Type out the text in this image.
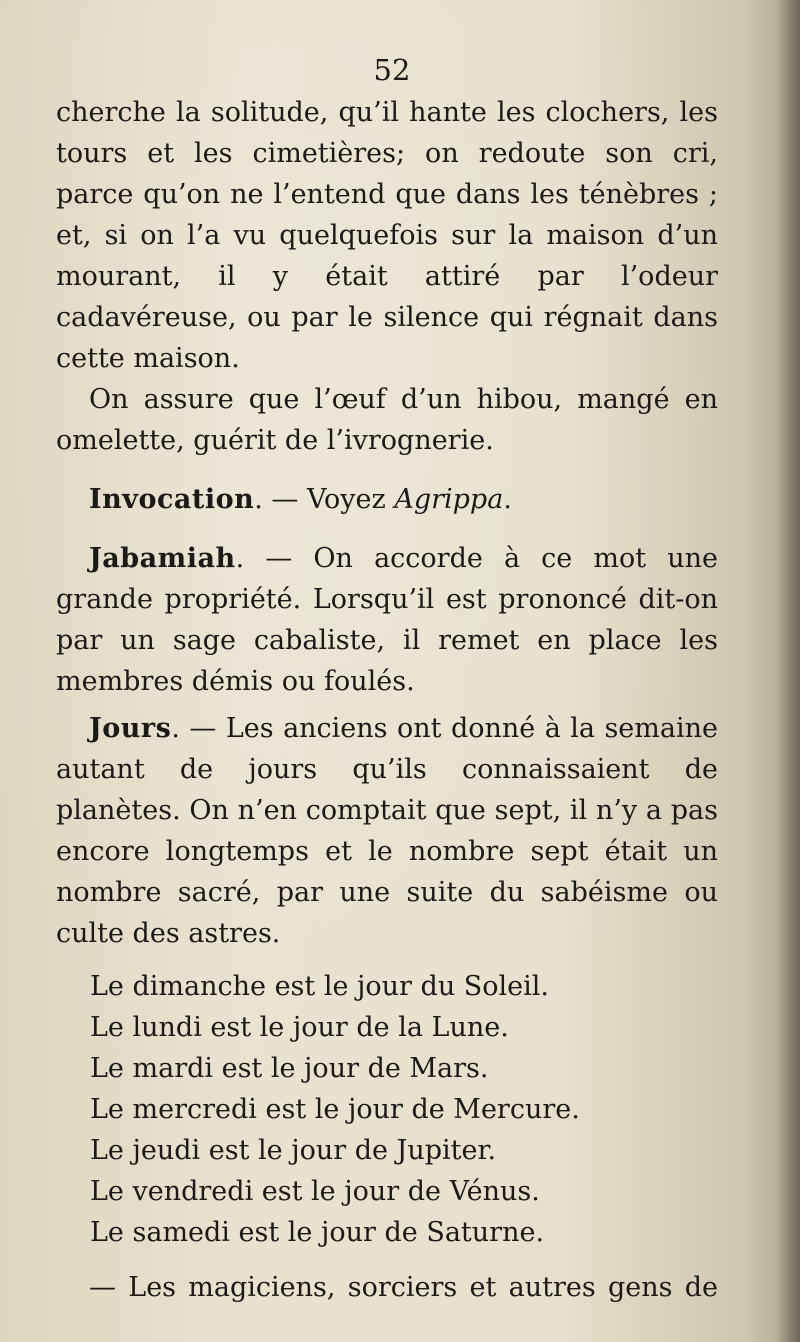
52

cherche la solitude, qu’il hante les clochers, les tours et les cimetières; on redoute son cri, parce qu’on ne l’entend que dans les ténèbres ; et, si on l’a vu quelquefois sur la maison d’un mourant, il y était attiré par l’odeur cadavéreuse, ou par le silence qui régnait dans cette maison.

On assure que l’œuf d’un hibou, mangé en omelette, guérit de l’ivrognerie.

Invocation. — Voyez Agrippa.

Jabamiah. — On accorde à ce mot une grande propriété. Lorsqu’il est prononcé dit-on par un sage cabaliste, il remet en place les membres démis ou foulés.

Jours. — Les anciens ont donné à la semaine autant de jours qu’ils connaissaient de planètes. On n’en comptait que sept, il n’y a pas encore longtemps et le nombre sept était un nombre sacré, par une suite du sabéisme ou culte des astres.

Le dimanche est le jour du Soleil.
Le lundi est le jour de la Lune.
Le mardi est le jour de Mars.
Le mercredi est le jour de Mercure.
Le jeudi est le jour de Jupiter.
Le vendredi est le jour de Vénus.
Le samedi est le jour de Saturne.

— Les magiciens, sorciers et autres gens de
